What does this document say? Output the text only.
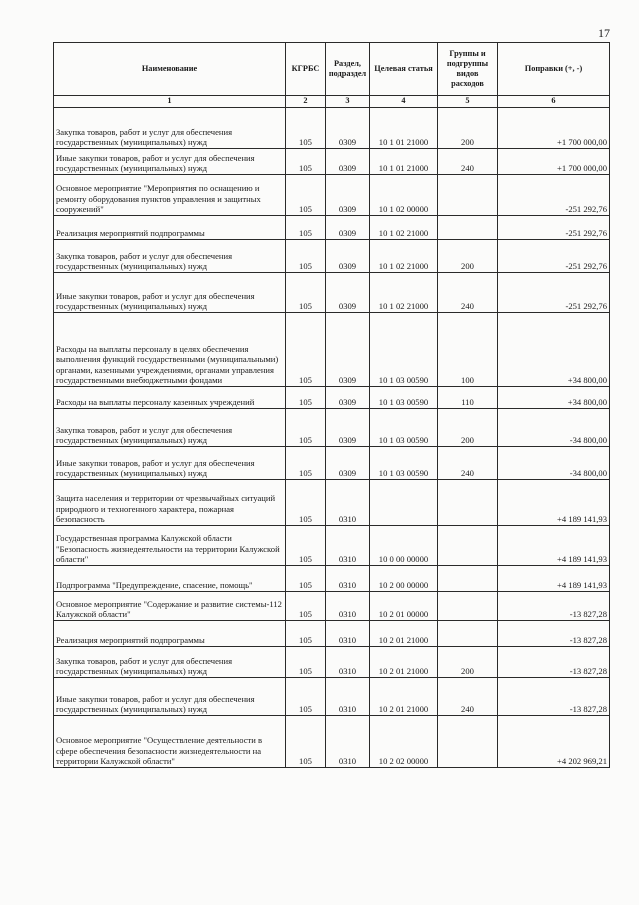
17
Наименование	КГРБС	Раздел, подраздел	Целевая статья	Группы и подгруппы видов расходов	Поправки (+, -)
1	2	3	4	5	6
Закупка товаров, работ и услуг для обеспечения государственных (муниципальных) нужд	105	0309	10 1 01 21000	200	+1 700 000,00
Иные закупки товаров, работ и услуг для обеспечения государственных (муниципальных) нужд	105	0309	10 1 01 21000	240	+1 700 000,00
Основное мероприятие "Мероприятия по оснащению и ремонту оборудования пунктов управления и защитных сооружений"	105	0309	10 1 02 00000		-251 292,76
Реализация мероприятий подпрограммы	105	0309	10 1 02 21000		-251 292,76
Закупка товаров, работ и услуг для обеспечения государственных (муниципальных) нужд	105	0309	10 1 02 21000	200	-251 292,76
Иные закупки товаров, работ и услуг для обеспечения государственных (муниципальных) нужд	105	0309	10 1 02 21000	240	-251 292,76
Расходы на выплаты персоналу в целях обеспечения выполнения функций государственными (муниципальными) органами, казенными учреждениями, органами управления государственными внебюджетными фондами	105	0309	10 1 03 00590	100	+34 800,00
Расходы на выплаты персоналу казенных учреждений	105	0309	10 1 03 00590	110	+34 800,00
Закупка товаров, работ и услуг для обеспечения государственных (муниципальных) нужд	105	0309	10 1 03 00590	200	-34 800,00
Иные закупки товаров, работ и услуг для обеспечения государственных (муниципальных) нужд	105	0309	10 1 03 00590	240	-34 800,00
Защита населения и территории от чрезвычайных ситуаций природного и техногенного характера, пожарная безопасность	105	0310			+4 189 141,93
Государственная программа Калужской области "Безопасность жизнедеятельности на территории Калужской области"	105	0310	10 0 00 00000		+4 189 141,93
Подпрограмма "Предупреждение, спасение, помощь"	105	0310	10 2 00 00000		+4 189 141,93
Основное мероприятие "Содержание и развитие системы-112 Калужской области"	105	0310	10 2 01 00000		-13 827,28
Реализация мероприятий подпрограммы	105	0310	10 2 01 21000		-13 827,28
Закупка товаров, работ и услуг для обеспечения государственных (муниципальных) нужд	105	0310	10 2 01 21000	200	-13 827,28
Иные закупки товаров, работ и услуг для обеспечения государственных (муниципальных) нужд	105	0310	10 2 01 21000	240	-13 827,28
Основное мероприятие "Осуществление деятельности в сфере обеспечения безопасности жизнедеятельности на территории Калужской области"	105	0310	10 2 02 00000		+4 202 969,21
